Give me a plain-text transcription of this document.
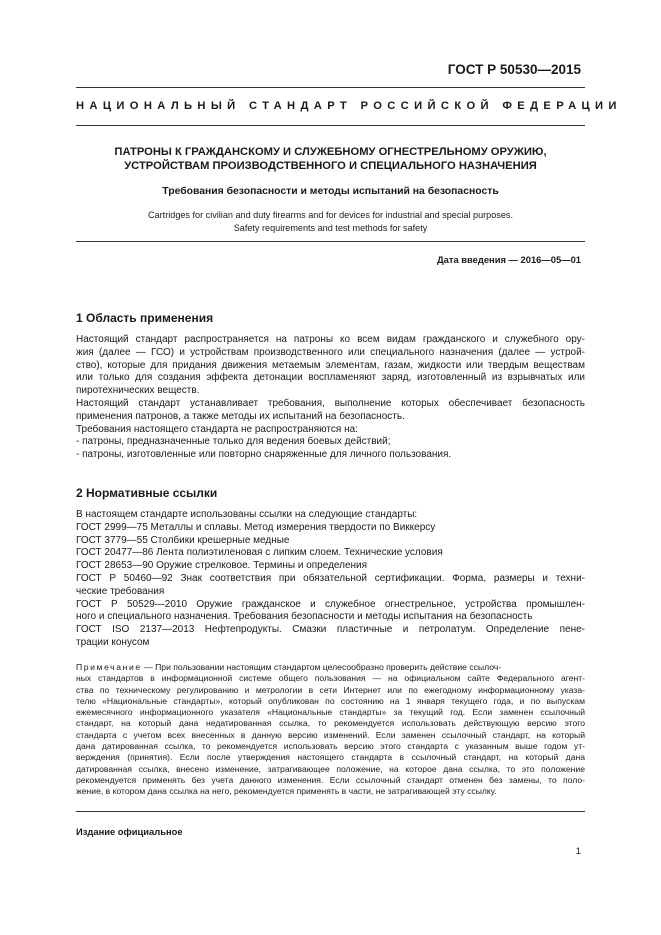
ГОСТ Р 50530—2015
НАЦИОНАЛЬНЫЙ СТАНДАРТ РОССИЙСКОЙ ФЕДЕРАЦИИ
ПАТРОНЫ К ГРАЖДАНСКОМУ И СЛУЖЕБНОМУ ОГНЕСТРЕЛЬНОМУ ОРУЖИЮ,
УСТРОЙСТВАМ ПРОИЗВОДСТВЕННОГО И СПЕЦИАЛЬНОГО НАЗНАЧЕНИЯ
Требования безопасности и методы испытаний на безопасность
Cartridges for civilian and duty firearms and for devices for industrial and special purposes.
Safety requirements and test methods for safety
Дата введения — 2016—05—01
1 Область применения
Настоящий стандарт распространяется на патроны ко всем видам гражданского и служебного ору-
жия (далее — ГСО) и устройствам производственного или специального назначения (далее — устрой-
ство), которые для придания движения метаемым элементам, газам, жидкости или твердым веществам
или только для создания эффекта детонации воспламеняют заряд, изготовленный из взрывчатых или
пиротехнических веществ.
Настоящий стандарт устанавливает требования, выполнение которых обеспечивает безопасность
применения патронов, а также методы их испытаний на безопасность.
Требования настоящего стандарта не распространяются на:
- патроны, предназначенные только для ведения боевых действий;
- патроны, изготовленные или повторно снаряженные для личного пользования.
2 Нормативные ссылки
В настоящем стандарте использованы ссылки на следующие стандарты:
ГОСТ 2999—75 Металлы и сплавы. Метод измерения твердости по Виккерсу
ГОСТ 3779—55 Столбики крешерные медные
ГОСТ 20477—86 Лента полиэтиленовая с липким слоем. Технические условия
ГОСТ 28653—90 Оружие стрелковое. Термины и определения
ГОСТ Р 50460—92 Знак соответствия при обязательной сертификации. Форма, размеры и техни-
ческие требования
ГОСТ Р 50529—2010 Оружие гражданское и служебное огнестрельное, устройства промышлен-
ного и специального назначения. Требования безопасности и методы испытания на безопасность
ГОСТ ISO 2137—2013 Нефтепродукты. Смазки пластичные и петролатум. Определение пене-
трации конусом
Примечание — При пользовании настоящим стандартом целесообразно проверить действие ссылоч-
ных стандартов в информационной системе общего пользования — на официальном сайте Федерального агент-
ства по техническому регулированию и метрологии в сети Интернет или по ежегодному информационному указа-
телю «Национальные стандарты», который опубликован по состоянию на 1 января текущего года, и по выпускам
ежемесячного информационного указателя «Национальные стандарты» за текущий год. Если заменен ссылочный
стандарт, на который дана недатированная ссылка, то рекомендуется использовать действующую версию этого
стандарта с учетом всех внесенных в данную версию изменений. Если заменен ссылочный стандарт, на который
дана датированная ссылка, то рекомендуется использовать версию этого стандарта с указанным выше годом ут-
верждения (принятия). Если после утверждения настоящего стандарта в ссылочный стандарт, на который дана
датированная ссылка, внесено изменение, затрагивающее положение, на которое дана ссылка, то это положение
рекомендуется применять без учета данного изменения. Если ссылочный стандарт отменен без замены, то поло-
жение, в котором дана ссылка на него, рекомендуется применять в части, не затрагивающей эту ссылку.
Издание официальное
1
